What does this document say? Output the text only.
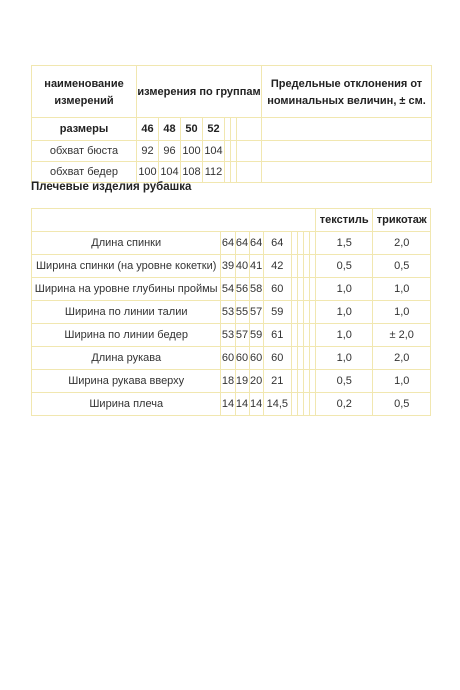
наименование измерений	измерения по группам							Предельные отклонения от номинальных величин, ± см.
размеры	46	48	50	52				
обхват бюста	92	96	100	104				
обхват бедер	100	104	108	112				

Плечевые изделия рубашка

									текстиль	трикотаж
Длина спинки	64	64	64	64					1,5	2,0
Ширина спинки (на уровне кокетки)	39	40	41	42					0,5	0,5
Ширина на уровне глубины проймы	54	56	58	60					1,0	1,0
Ширина по линии талии	53	55	57	59					1,0	1,0
Ширина по линии бедер	53	57	59	61					1,0	± 2,0
Длина рукава	60	60	60	60					1,0	2,0
Ширина рукава вверху	18	19	20	21					0,5	1,0
Ширина плеча	14	14	14	14,5					0,2	0,5
